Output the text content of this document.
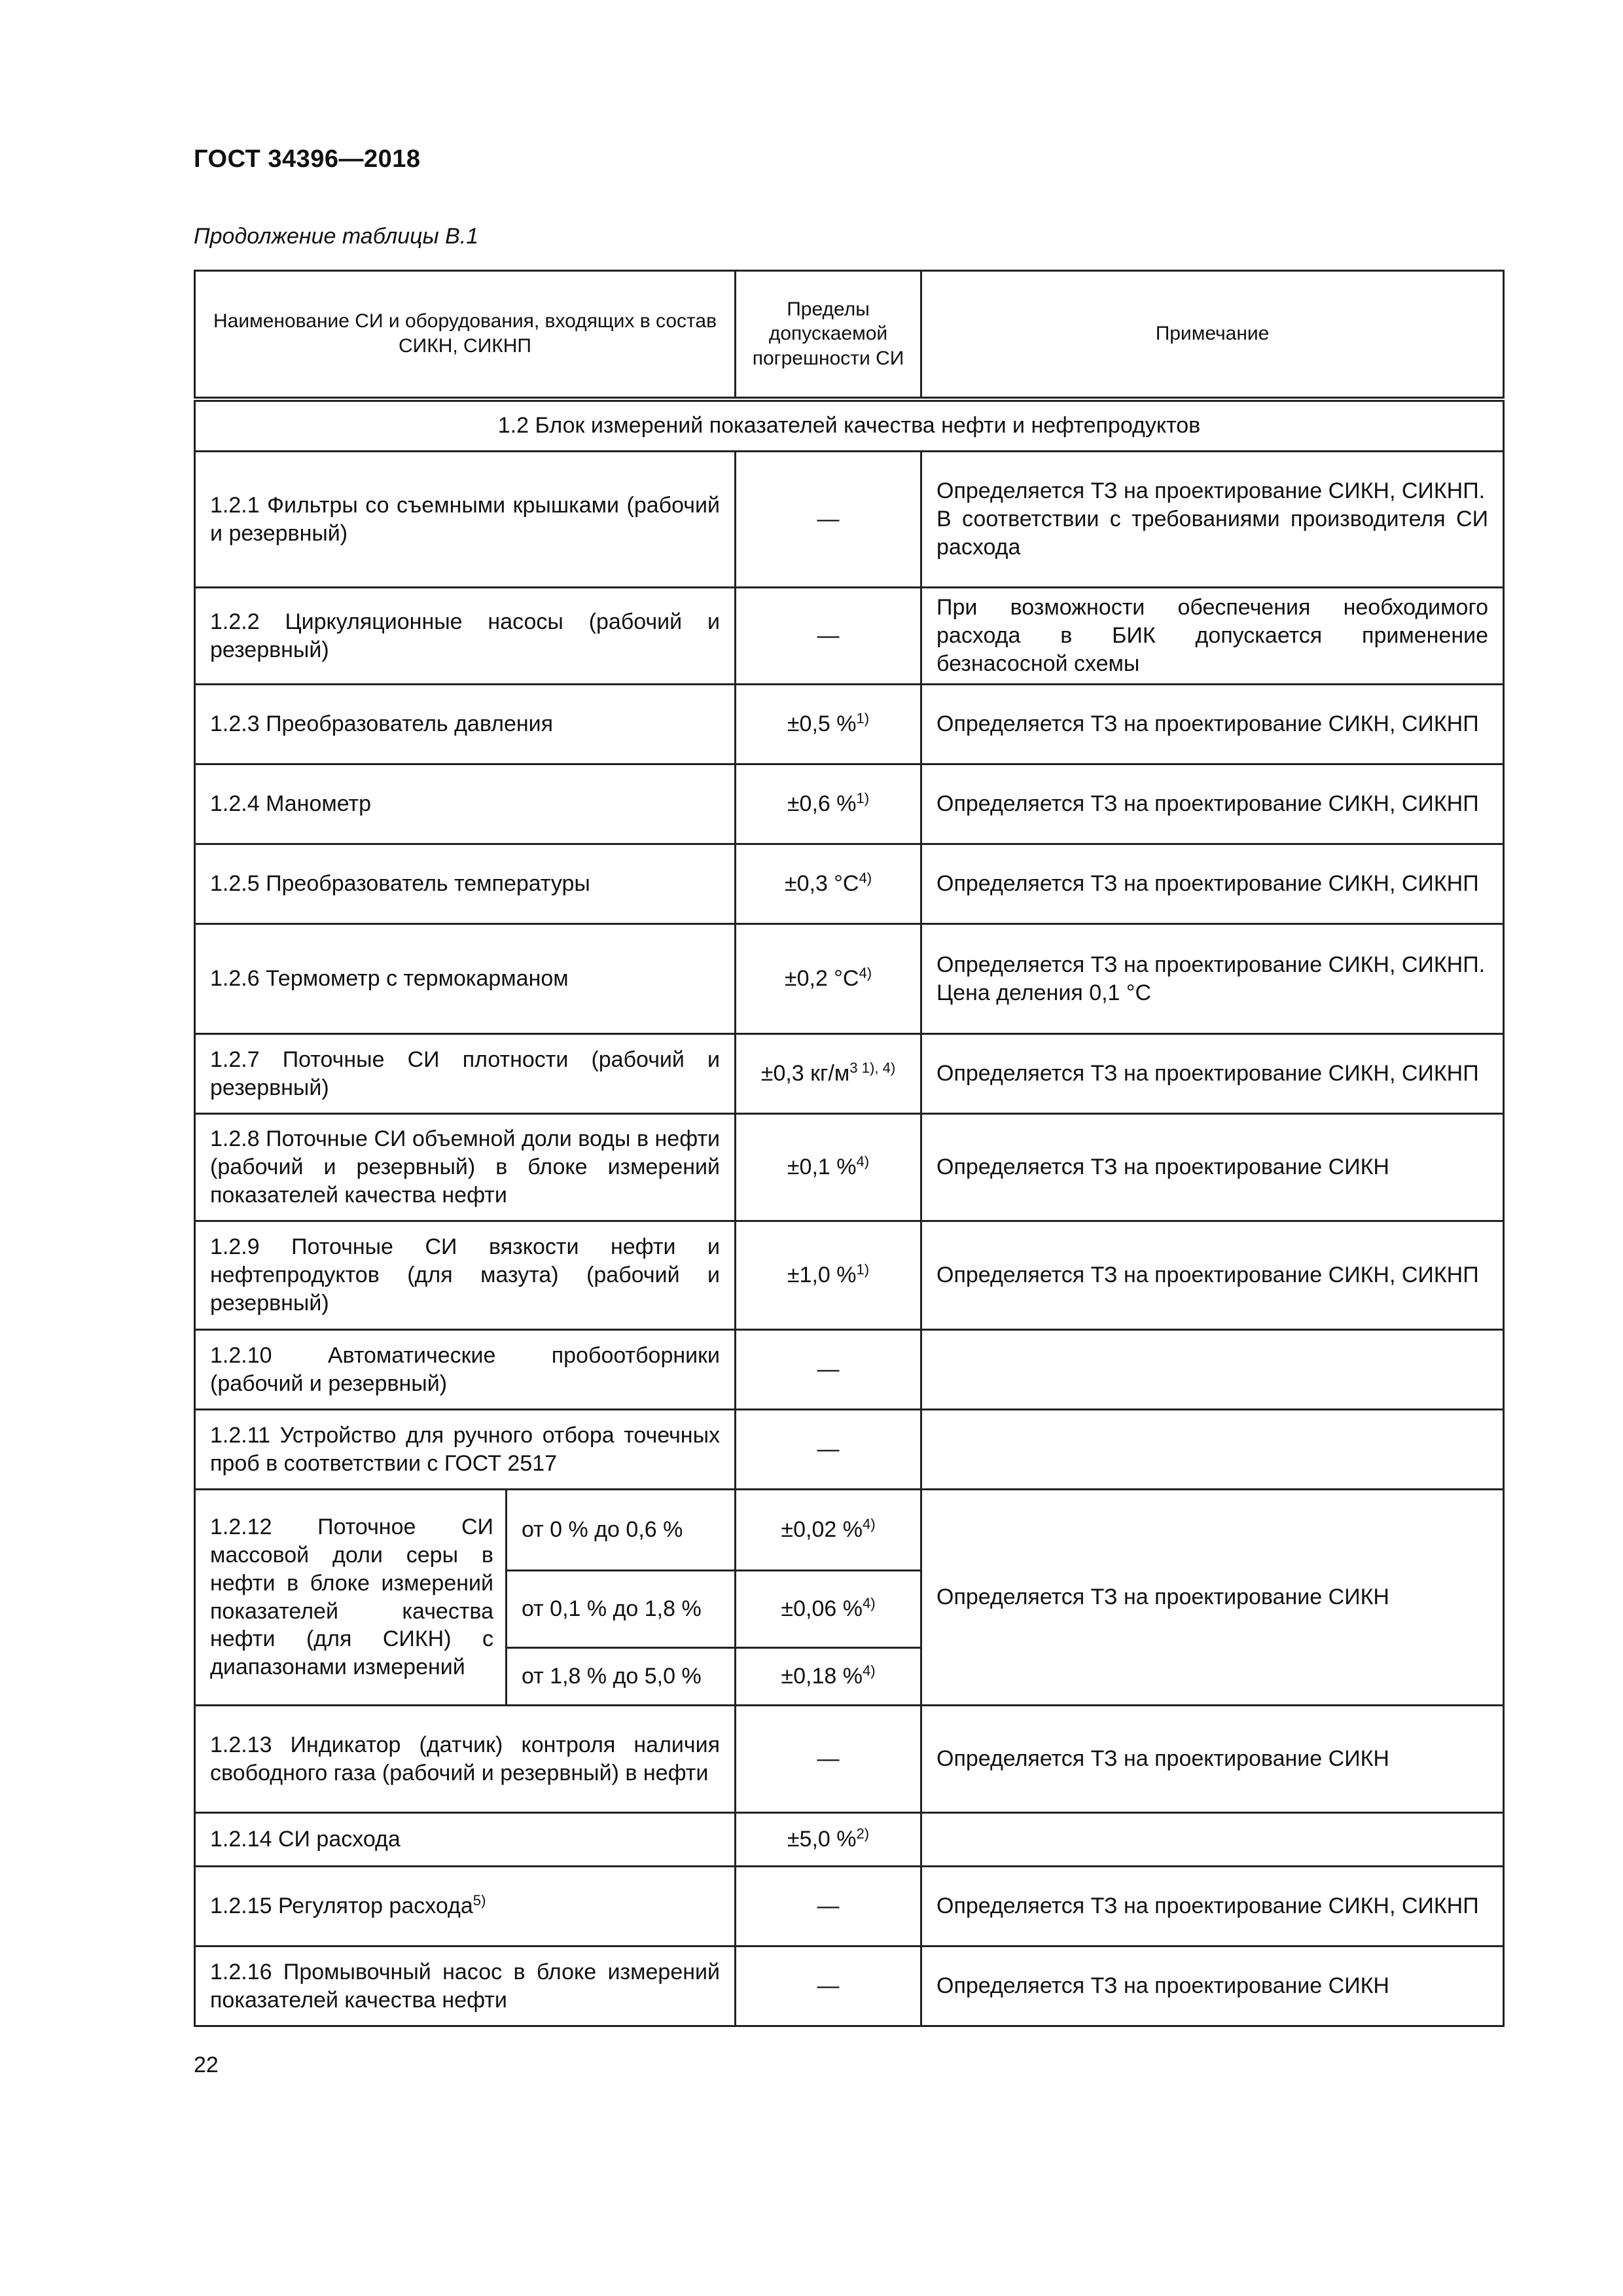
ГОСТ 34396—2018
Продолжение таблицы В.1
Наименование СИ и оборудования, входящих в состав СИКН, СИКНП		Пределы допускаемой погрешности СИ	Примечание
1.2 Блок измерений показателей качества нефти и нефтепродуктов			
1.2.1 Фильтры со съемными крышками (рабочий и резервный)		—	Определяется ТЗ на проектирование СИКН, СИКНП.
В соответствии с требованиями производителя СИ расхода

1.2.2 Циркуляционные насосы (рабочий и резервный)		—	При возможности обеспечения необходимого расхода в БИК допускается применение безнасосной схемы

1.2.3 Преобразователь давления		±0,5 %$^{1)}$	Определяется ТЗ на проектирование СИКН, СИКНП

1.2.4 Манометр		±0,6 %$^{1)}$	Определяется ТЗ на проектирование СИКН, СИКНП

1.2.5 Преобразователь температуры		±0,3 $^\circ С^{4)}$	Определяется ТЗ на проектирование СИКН, СИКНП

1.2.6 Термометр с термокарманом		±0,2 $^\circ С^{4)}$	Определяется ТЗ на проектирование СИКН, СИКНП.
Цена деления 0,1 °С

1.2.7 Поточные СИ плотности (рабочий и резервный)		±0,3 $кг/м^{3 1), 4)}$	Определяется ТЗ на проектирование СИКН, СИКНП

1.2.8 Поточные СИ объемной доли воды в нефти (рабочий и резервный) в блоке измерений показателей качества нефти		±0,1 %$^{4)}$	Определяется ТЗ на проектирование СИКН

1.2.9 Поточные СИ вязкости нефти и нефтепродуктов (для мазута) (рабочий и резервный)		±1,0 %$^{1)}$	Определяется ТЗ на проектирование СИКН, СИКНП

1.2.10 Автоматические пробоотборники (рабочий и резервный)		—	
1.2.11 Устройство для ручного отбора точечных проб в соответствии с ГОСТ 2517		—	
1.2.12 Поточное СИ массовой доли серы в нефти в блоке измерений показателей качества нефти (для СИКН) с диапазонами измерений	от 0 % до 0,6 %	±0,02 %$^{4)}$	Определяется ТЗ на проектирование СИКН
	от 0,1 % до 1,8 %	±0,06 %$^{4)}$
	от 1,8 % до 5,0 %	±0,18 %$^{4)}$
1.2.13 Индикатор (датчик) контроля наличия свободного газа (рабочий и резервный) в нефти		—	Определяется ТЗ на проектирование СИКН

1.2.14 СИ расхода		±5,0 %$^{2)}$	
1.2.15 Регулятор расхода$^{5)}$		—	Определяется ТЗ на проектирование СИКН, СИКНП

1.2.16 Промывочный насос в блоке измерений показателей качества нефти		—	Определяется ТЗ на проектирование СИКН
22
